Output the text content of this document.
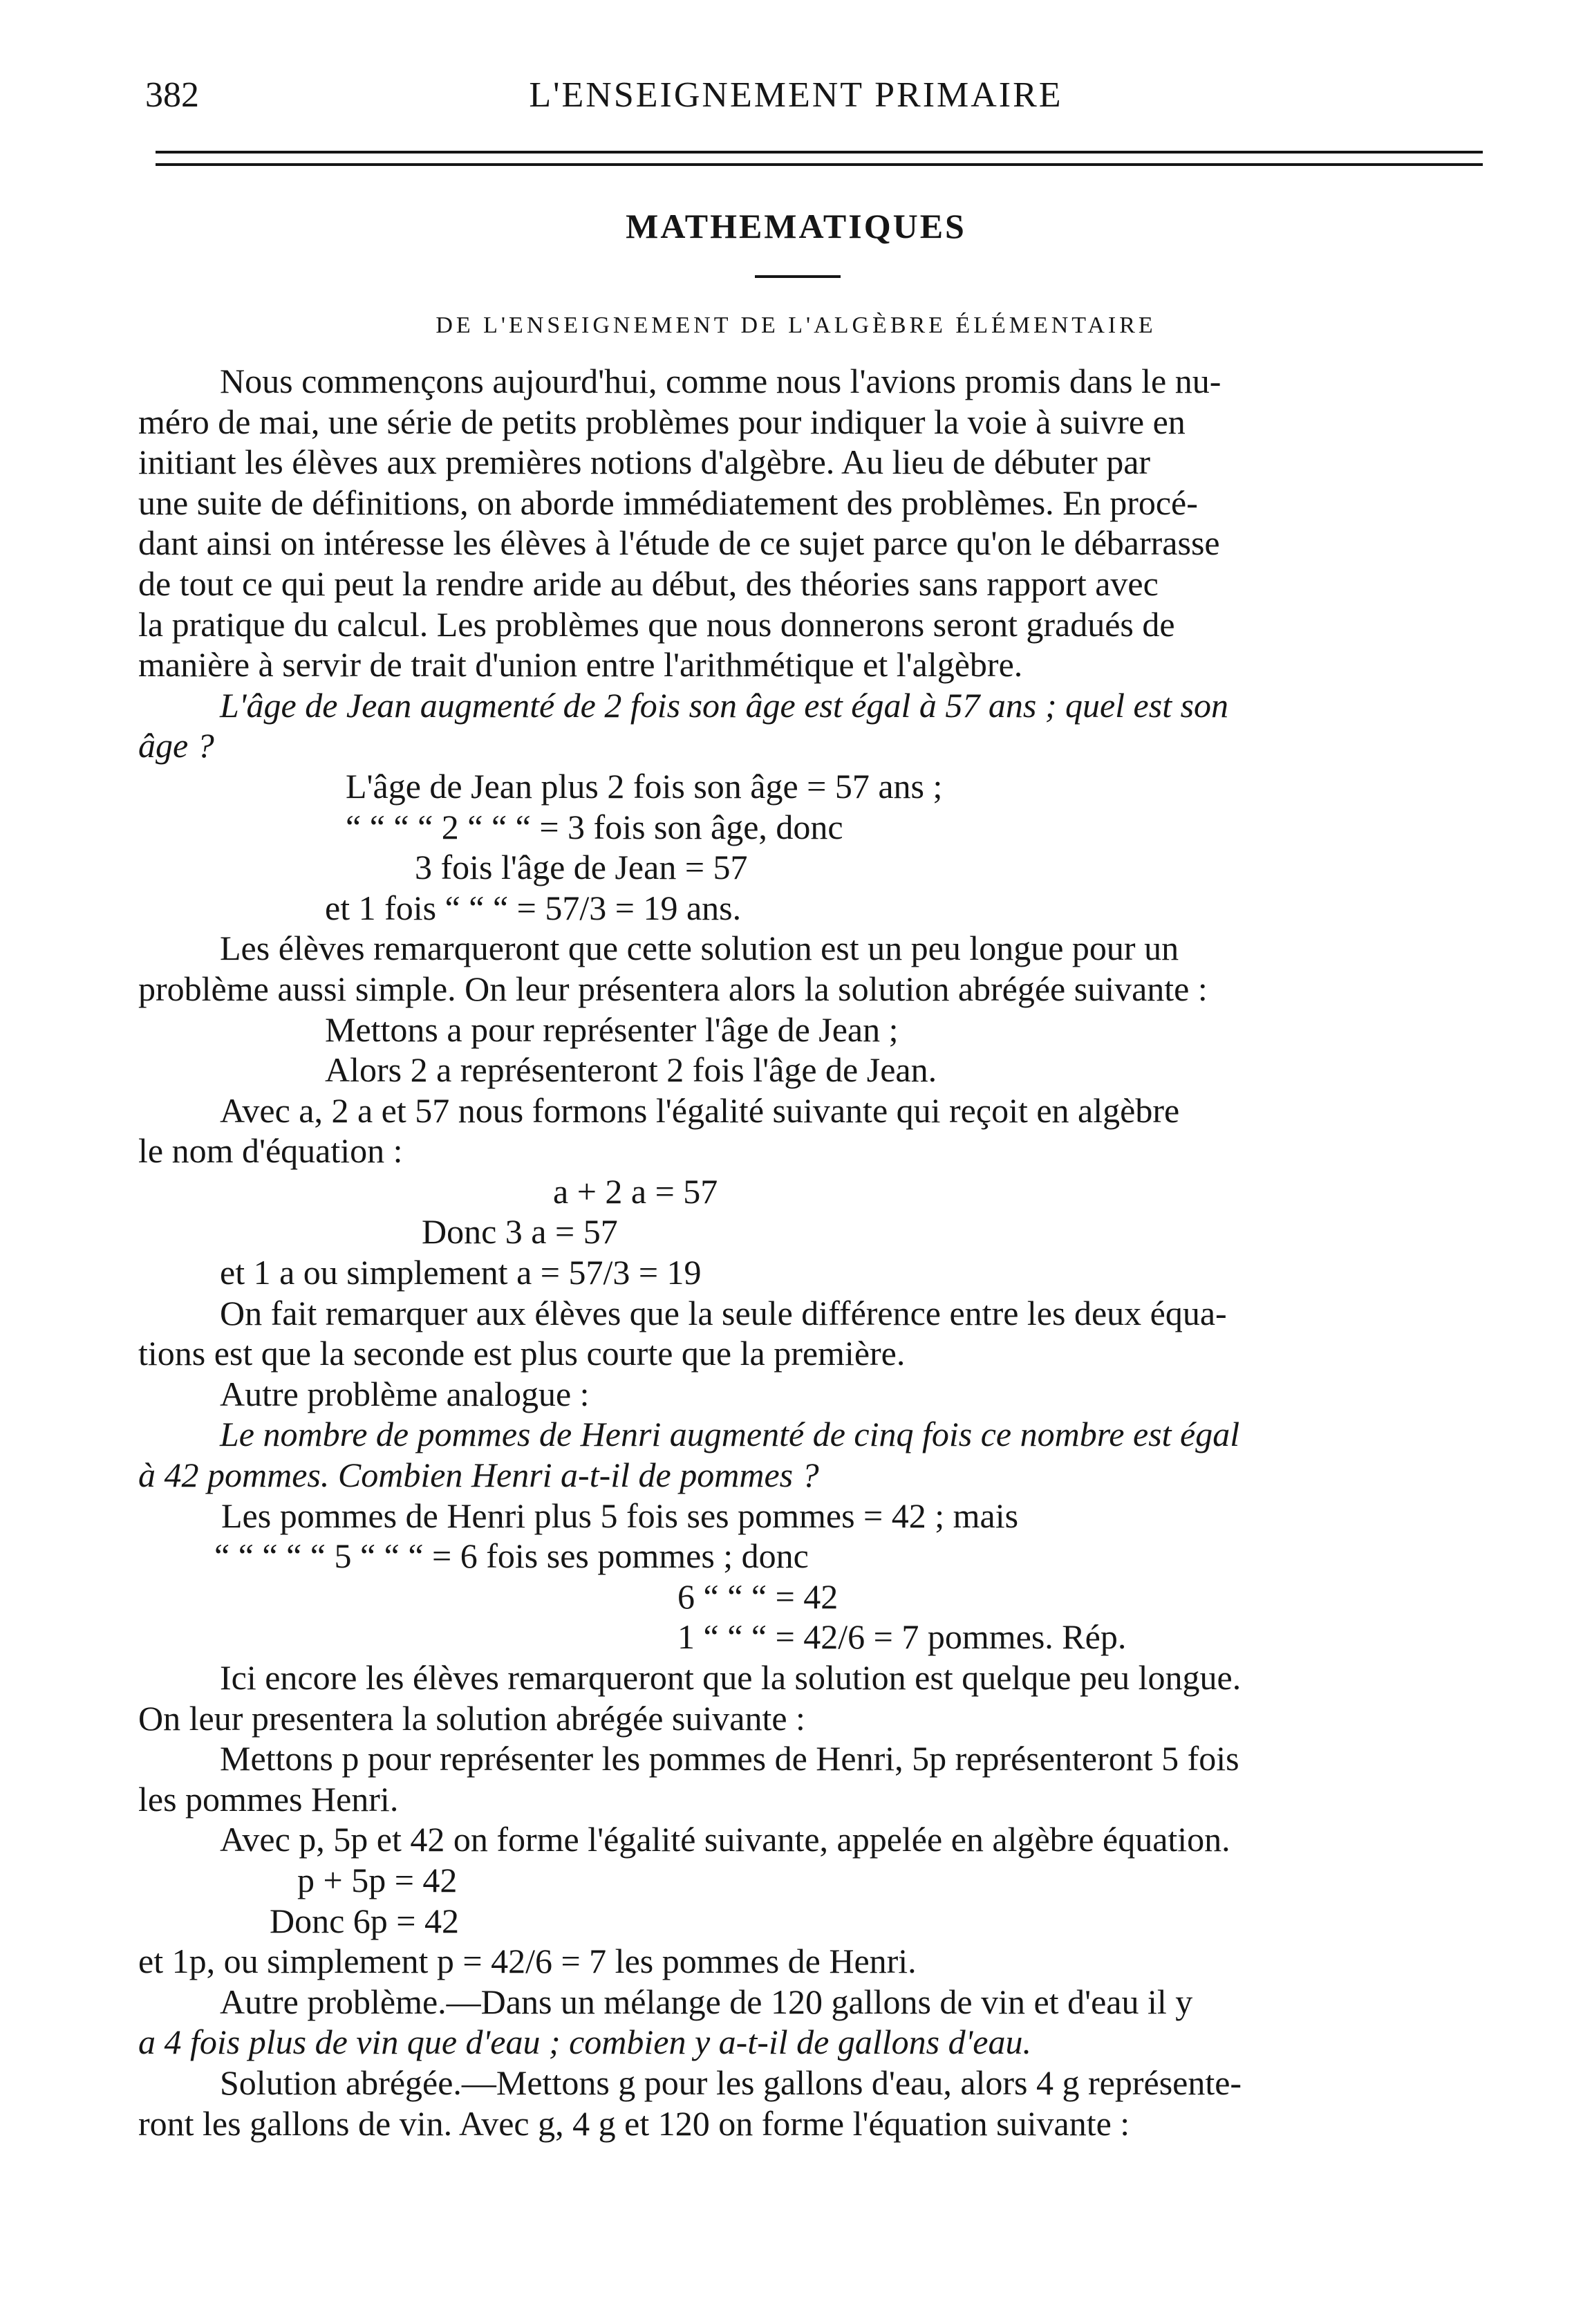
382	L'ENSEIGNEMENT PRIMAIRE
MATHEMATIQUES
DE L'ENSEIGNEMENT DE L'ALGÈBRE ÉLÉMENTAIRE
Nous commençons aujourd'hui, comme nous l'avions promis dans le nu-
méro de mai, une série de petits problèmes pour indiquer la voie à suivre en
initiant les élèves aux premières notions d'algèbre. Au lieu de débuter par
une suite de définitions, on aborde immédiatement des problèmes. En procé-
dant ainsi on intéresse les élèves à l'étude de ce sujet parce qu'on le débarrasse
de tout ce qui peut la rendre aride au début, des théories sans rapport avec
la pratique du calcul. Les problèmes que nous donnerons seront gradués de
manière à servir de trait d'union entre l'arithmétique et l'algèbre.
L'âge de Jean augmenté de 2 fois son âge est égal à 57 ans ; quel est son
âge ?
L'âge de Jean plus 2 fois son âge = 57 ans ;
“ “ “ “ 2 “ “ “ = 3 fois son âge, donc
3 fois l'âge de Jean = 57
et 1 fois “ “ “ = 57/3 = 19 ans.
Les élèves remarqueront que cette solution est un peu longue pour un
problème aussi simple. On leur présentera alors la solution abrégée suivante :
Mettons a pour représenter l'âge de Jean ;
Alors 2 a représenteront 2 fois l'âge de Jean.
Avec a, 2 a et 57 nous formons l'égalité suivante qui reçoit en algèbre
le nom d'équation :
a + 2 a = 57
Donc 3 a = 57
et 1 a ou simplement a = 57/3 = 19
On fait remarquer aux élèves que la seule différence entre les deux équa-
tions est que la seconde est plus courte que la première.
Autre problème analogue :
Le nombre de pommes de Henri augmenté de cinq fois ce nombre est égal
à 42 pommes. Combien Henri a-t-il de pommes ?
Les pommes de Henri plus 5 fois ses pommes = 42 ; mais
“ “ “ “ “ 5 “ “ “ = 6 fois ses pommes ; donc
6 “ “ “ = 42
1 “ “ “ = 42/6 = 7 pommes. Rép.
Ici encore les élèves remarqueront que la solution est quelque peu longue.
On leur presentera la solution abrégée suivante :
Mettons p pour représenter les pommes de Henri, 5p représenteront 5 fois
les pommes Henri.
Avec p, 5p et 42 on forme l'égalité suivante, appelée en algèbre équation.
p + 5p = 42
Donc 6p = 42
et 1p, ou simplement p = 42/6 = 7 les pommes de Henri.
Autre problème.—Dans un mélange de 120 gallons de vin et d'eau il y
a 4 fois plus de vin que d'eau ; combien y a-t-il de gallons d'eau.
Solution abrégée.—Mettons g pour les gallons d'eau, alors 4 g représente-
ront les gallons de vin. Avec g, 4 g et 120 on forme l'équation suivante :
